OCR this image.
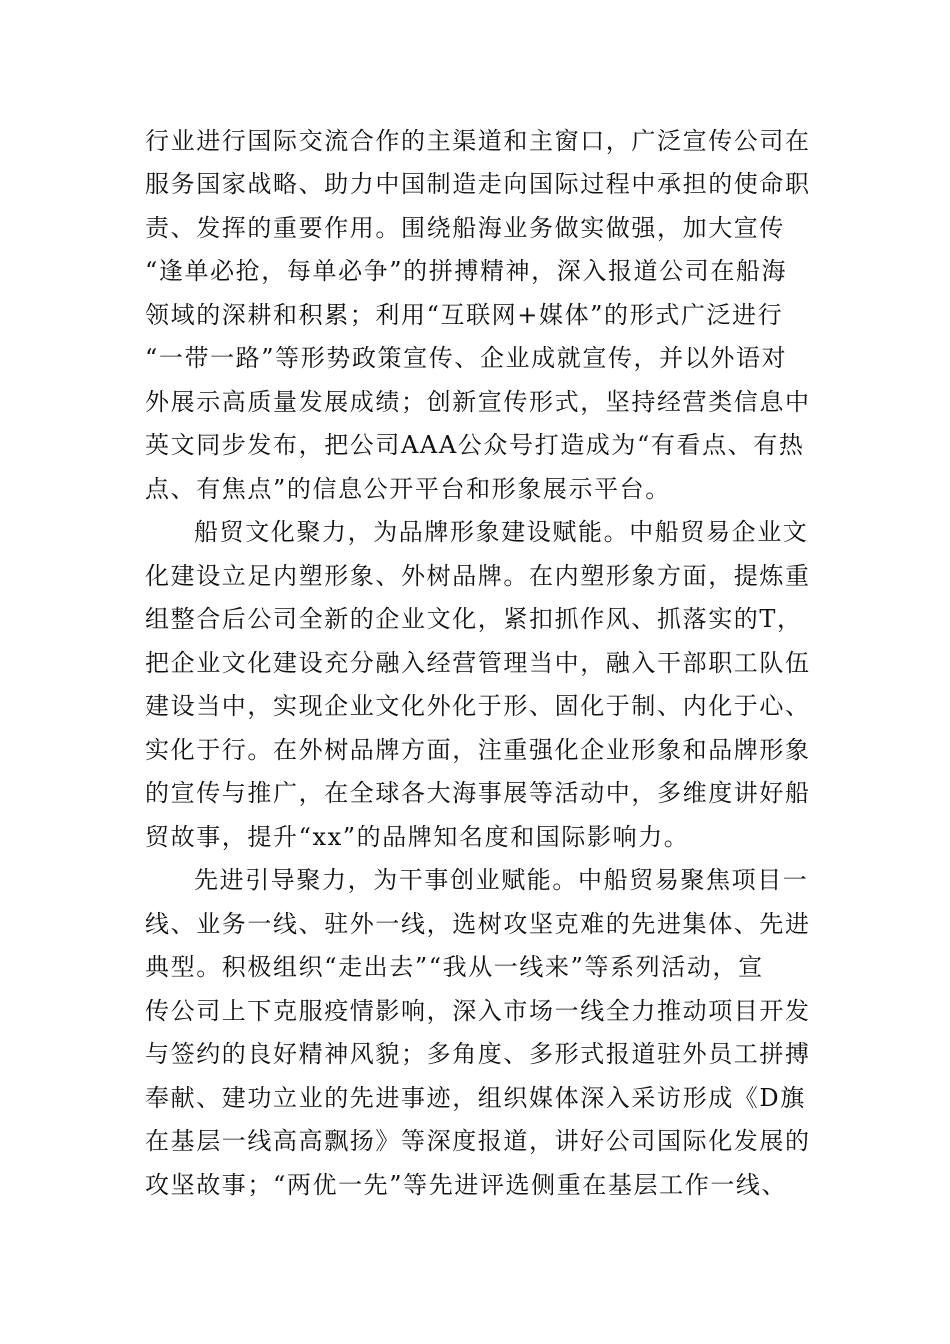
行业进行国际交流合作的主渠道和主窗口，广泛宣传公司在
服务国家战略、助力中国制造走向国际过程中承担的使命职
责、发挥的重要作用。围绕船海业务做实做强，加大宣传
“逢单必抢，每单必争”的拼搏精神，深入报道公司在船海
领域的深耕和积累；利用“互联网+媒体”的形式广泛进行
“一带一路”等形势政策宣传、企业成就宣传，并以外语对
外展示高质量发展成绩；创新宣传形式，坚持经营类信息中
英文同步发布，把公司AAA公众号打造成为“有看点、有热
点、有焦点”的信息公开平台和形象展示平台。
船贸文化聚力，为品牌形象建设赋能。中船贸易企业文
化建设立足内塑形象、外树品牌。在内塑形象方面，提炼重
组整合后公司全新的企业文化，紧扣抓作风、抓落实的T，
把企业文化建设充分融入经营管理当中，融入干部职工队伍
建设当中，实现企业文化外化于形、固化于制、内化于心、
实化于行。在外树品牌方面，注重强化企业形象和品牌形象
的宣传与推广，在全球各大海事展等活动中，多维度讲好船
贸故事，提升“xx”的品牌知名度和国际影响力。
先进引导聚力，为干事创业赋能。中船贸易聚焦项目一
线、业务一线、驻外一线，选树攻坚克难的先进集体、先进
典型。积极组织“走出去”“我从一线来”等系列活动，宣
传公司上下克服疫情影响，深入市场一线全力推动项目开发
与签约的良好精神风貌；多角度、多形式报道驻外员工拼搏
奉献、建功立业的先进事迹，组织媒体深入采访形成《D旗
在基层一线高高飘扬》等深度报道，讲好公司国际化发展的
攻坚故事；“两优一先”等先进评选侧重在基层工作一线、
